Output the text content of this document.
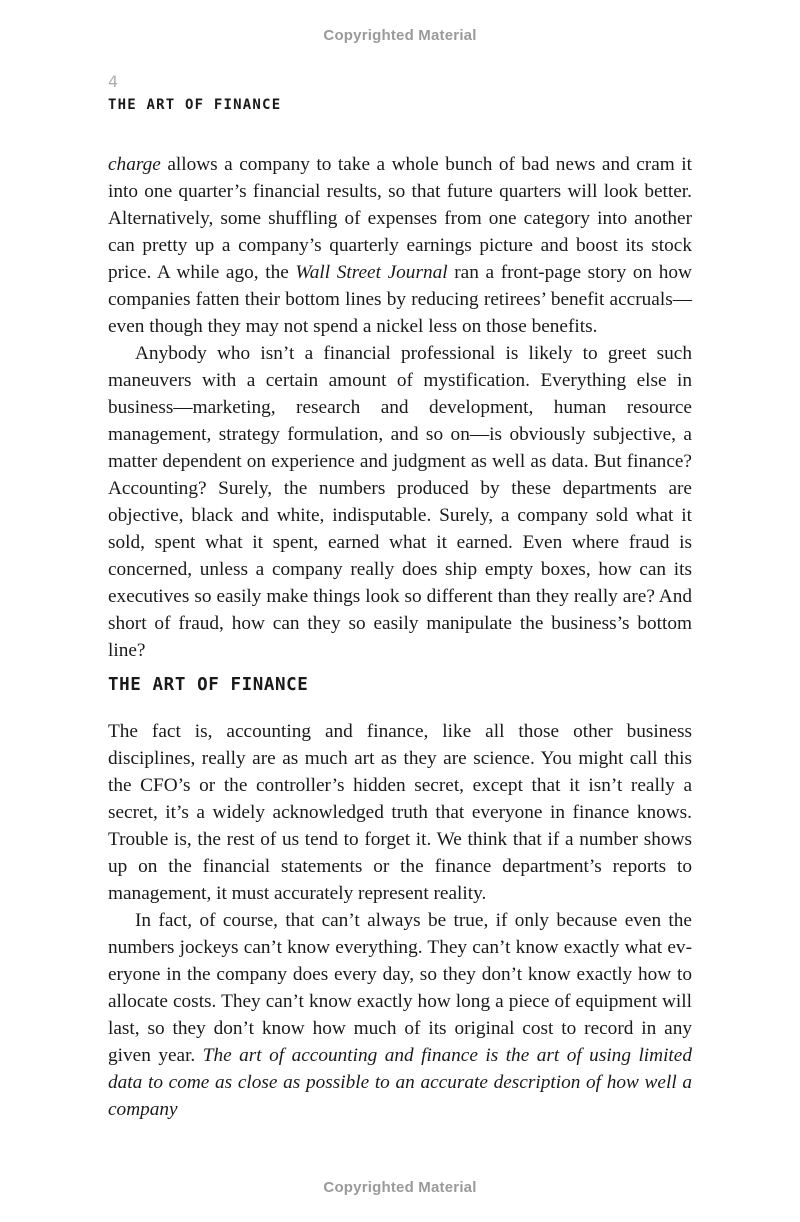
Copyrighted Material
4
THE ART OF FINANCE

charge allows a company to take a whole bunch of bad news and cram it into one quarter’s financial results, so that future quarters will look better. Alternatively, some shuffling of expenses from one category into another can pretty up a company’s quarterly earnings picture and boost its stock price. A while ago, the Wall Street Journal ran a front-page story on how companies fatten their bottom lines by reducing retirees’ benefit accruals—even though they may not spend a nickel less on those benefits.

Anybody who isn’t a financial professional is likely to greet such maneuvers with a certain amount of mystification. Everything else in business—marketing, research and development, human resource management, strategy formulation, and so on—is obviously subjective, a matter dependent on experience and judgment as well as data. But finance? Accounting? Surely, the numbers produced by these departments are objective, black and white, indisputable. Surely, a company sold what it sold, spent what it spent, earned what it earned. Even where fraud is concerned, unless a company really does ship empty boxes, how can its executives so easily make things look so different than they really are? And short of fraud, how can they so easily manipulate the business’s bottom line?

THE ART OF FINANCE

The fact is, accounting and finance, like all those other business disciplines, really are as much art as they are science. You might call this the CFO’s or the controller’s hidden secret, except that it isn’t really a secret, it’s a widely acknowledged truth that everyone in finance knows. Trouble is, the rest of us tend to forget it. We think that if a number shows up on the financial statements or the finance department’s reports to management, it must accurately represent reality.

In fact, of course, that can’t always be true, if only because even the numbers jockeys can’t know everything. They can’t know exactly what everyone in the company does every day, so they don’t know exactly how to allocate costs. They can’t know exactly how long a piece of equipment will last, so they don’t know how much of its original cost to record in any given year. The art of accounting and finance is the art of using limited data to come as close as possible to an accurate description of how well a company

Copyrighted Material
